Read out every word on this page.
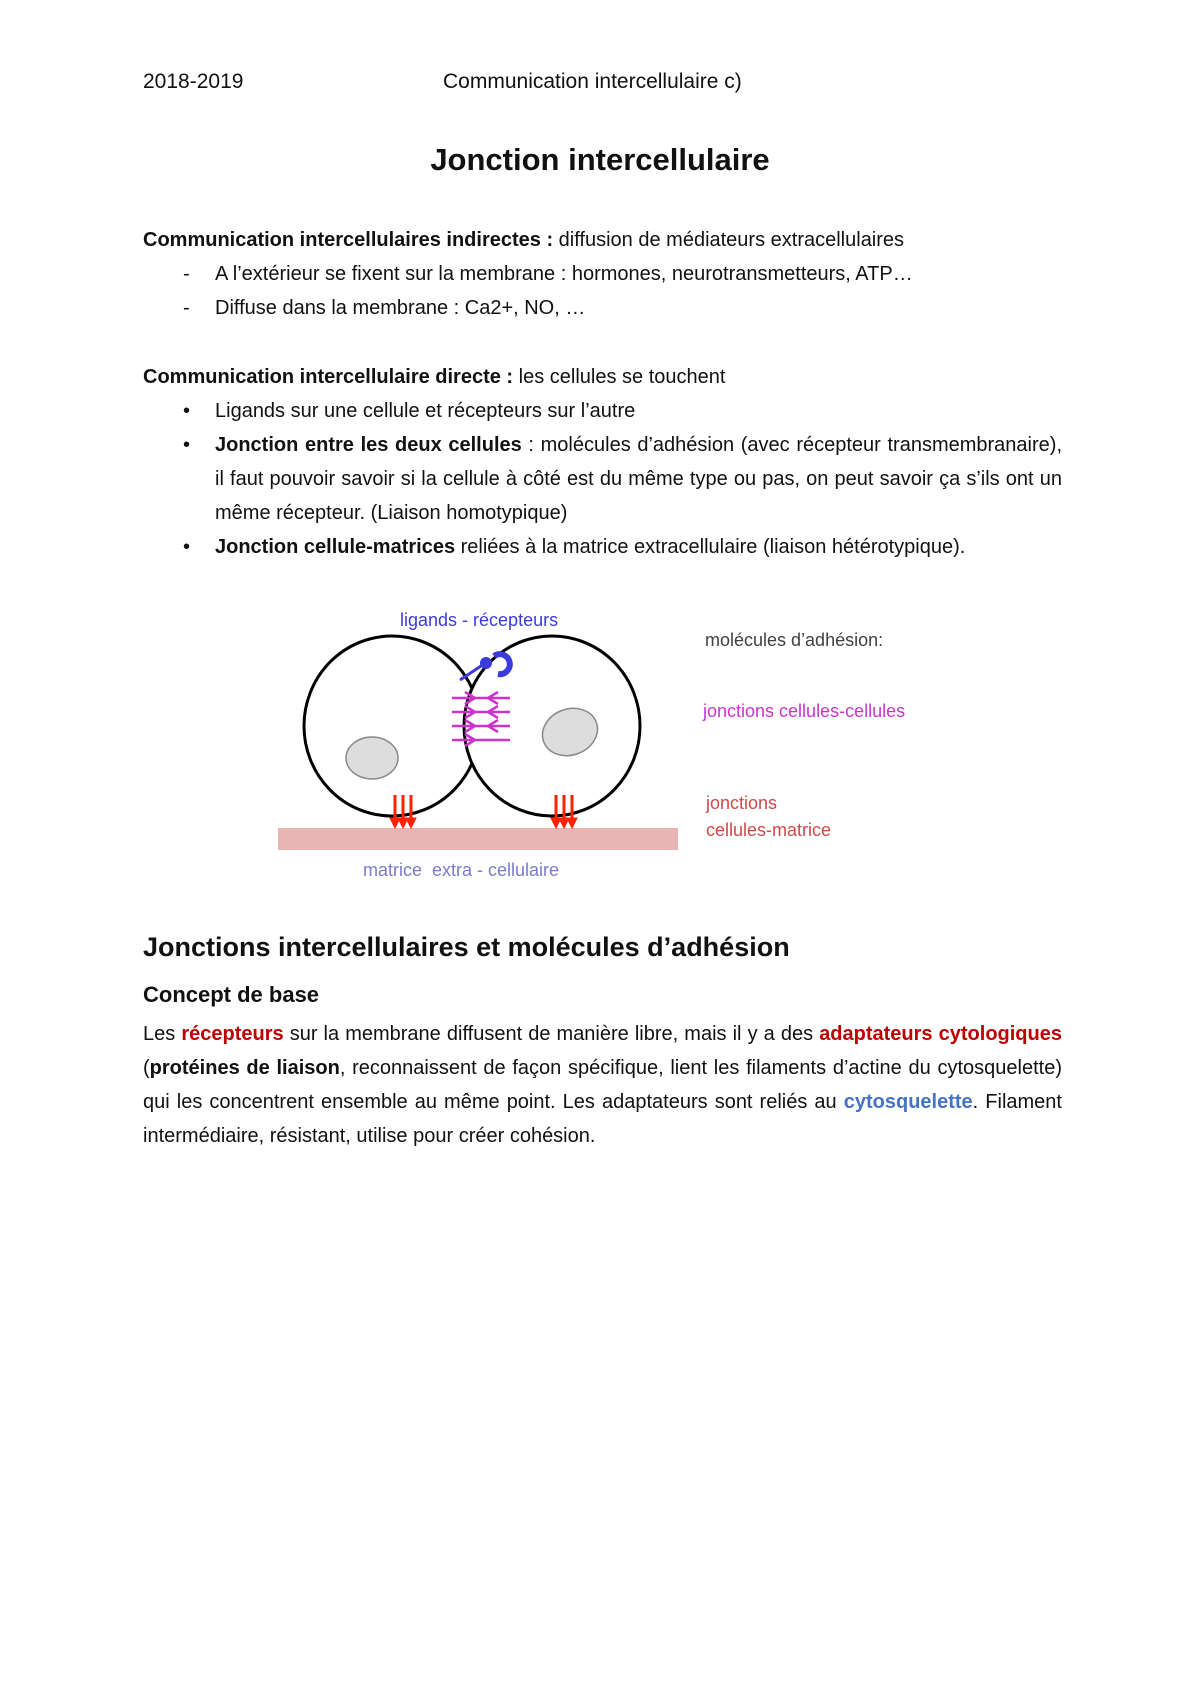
2018-2019	Communication intercellulaire c)
Jonction intercellulaire
Communication intercellulaires indirectes : diffusion de médiateurs extracellulaires
- A l’extérieur se fixent sur la membrane : hormones, neurotransmetteurs, ATP…
- Diffuse dans la membrane : Ca2+, NO, …
Communication intercellulaire directe : les cellules se touchent
• Ligands sur une cellule et récepteurs sur l’autre
• Jonction entre les deux cellules : molécules d’adhésion (avec récepteur transmembranaire), il faut pouvoir savoir si la cellule à côté est du même type ou pas, on peut savoir ça s’ils ont un même récepteur. (Liaison homotypique)
• Jonction cellule-matrices reliées à la matrice extracellulaire (liaison hétérotypique).
ligands - récepteurs
molécules d’adhésion:
jonctions cellules-cellules
jonctions
cellules-matrice
matrice  extra - cellulaire
Jonctions intercellulaires et molécules d’adhésion
Concept de base
Les récepteurs sur la membrane diffusent de manière libre, mais il y a des adaptateurs cytologiques (protéines de liaison, reconnaissent de façon spécifique, lient les filaments d’actine du cytosquelette) qui les concentrent ensemble au même point. Les adaptateurs sont reliés au cytosquelette. Filament intermédiaire, résistant, utilise pour créer cohésion.
